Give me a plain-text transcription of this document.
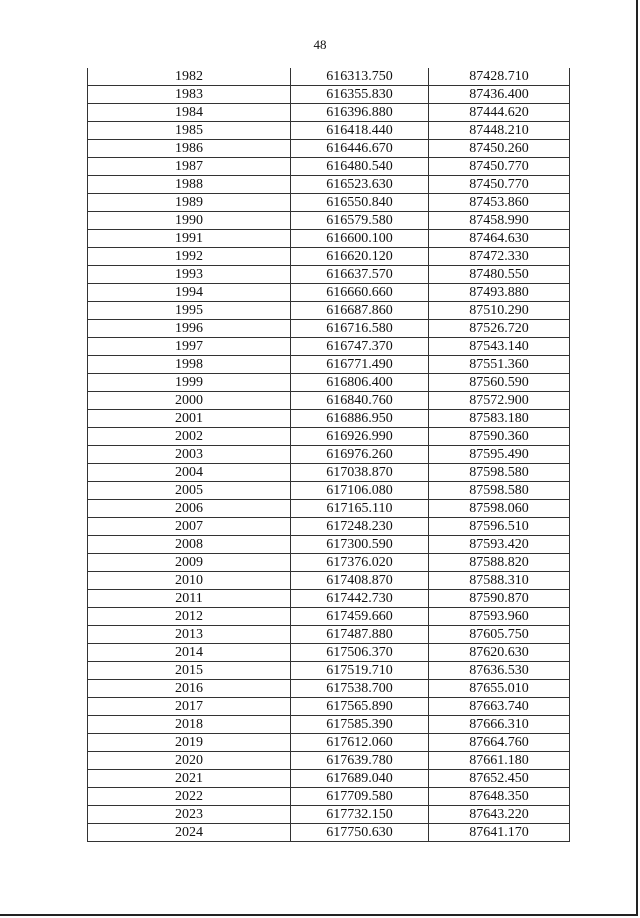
48
1982	616313.750	87428.710
1983	616355.830	87436.400
1984	616396.880	87444.620
1985	616418.440	87448.210
1986	616446.670	87450.260
1987	616480.540	87450.770
1988	616523.630	87450.770
1989	616550.840	87453.860
1990	616579.580	87458.990
1991	616600.100	87464.630
1992	616620.120	87472.330
1993	616637.570	87480.550
1994	616660.660	87493.880
1995	616687.860	87510.290
1996	616716.580	87526.720
1997	616747.370	87543.140
1998	616771.490	87551.360
1999	616806.400	87560.590
2000	616840.760	87572.900
2001	616886.950	87583.180
2002	616926.990	87590.360
2003	616976.260	87595.490
2004	617038.870	87598.580
2005	617106.080	87598.580
2006	617165.110	87598.060
2007	617248.230	87596.510
2008	617300.590	87593.420
2009	617376.020	87588.820
2010	617408.870	87588.310
2011	617442.730	87590.870
2012	617459.660	87593.960
2013	617487.880	87605.750
2014	617506.370	87620.630
2015	617519.710	87636.530
2016	617538.700	87655.010
2017	617565.890	87663.740
2018	617585.390	87666.310
2019	617612.060	87664.760
2020	617639.780	87661.180
2021	617689.040	87652.450
2022	617709.580	87648.350
2023	617732.150	87643.220
2024	617750.630	87641.170
